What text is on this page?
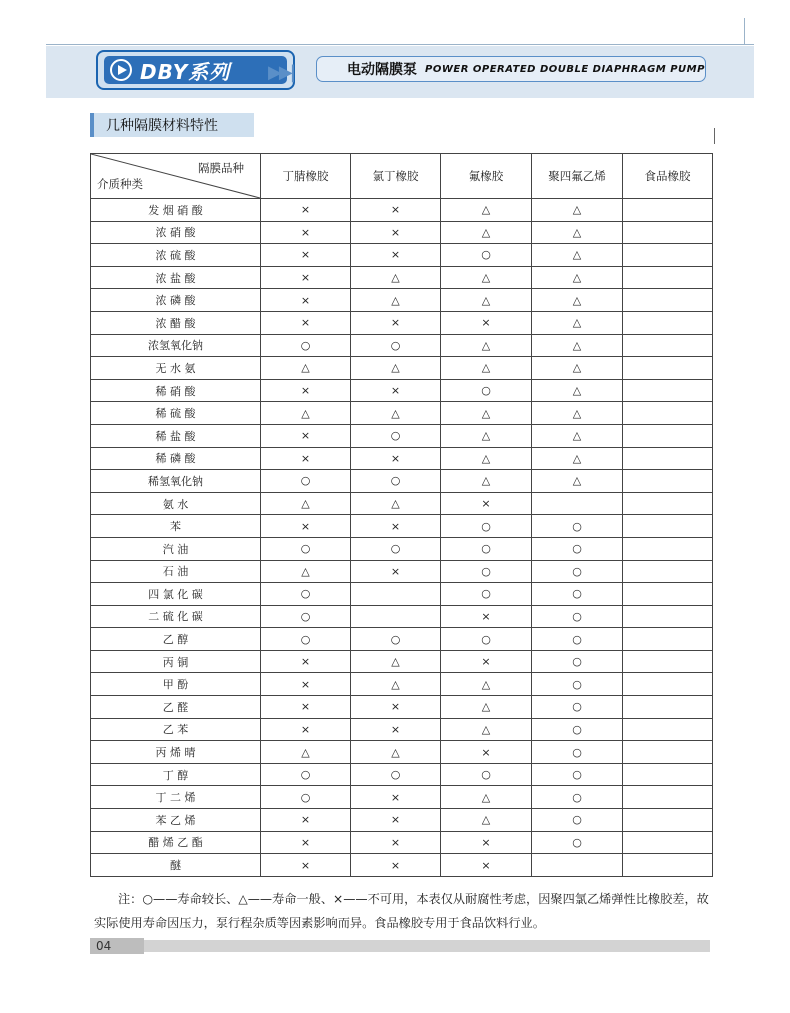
DBY系列 ▶▶|	电动隔膜泵 POWER OPERATED DOUBLE DIAPHRAGM PUMP
几种隔膜材料特性
隔膜品种
介质种类	丁腈橡胶	氯丁橡胶	氟橡胶	聚四氟乙烯	食品橡胶
发 烟 硝 酸	×	×	△	△	
浓 硝 酸	×	×	△	△	
浓 硫 酸	×	×	○	△	
浓 盐 酸	×	△	△	△	
浓 磷 酸	×	△	△	△	
浓 醋 酸	×	×	×	△	
浓氢氧化钠	○	○	△	△	
无 水 氨	△	△	△	△	
稀 硝 酸	×	×	○	△	
稀 硫 酸	△	△	△	△	
稀 盐 酸	×	○	△	△	
稀 磷 酸	×	×	△	△	
稀氢氧化钠	○	○	△	△	
氨 水	△	△	×		
苯	×	×	○	○	
汽 油	○	○	○	○	
石 油	△	×	○	○	
四 氯 化 碳	○		○	○	
二 硫 化 碳	○		×	○	
乙 醇	○	○	○	○	
丙 铜	×	△	×	○	
甲 酚	×	△	△	○	
乙 醛	×	×	△	○	
乙 苯	×	×	△	○	
丙 烯 晴	△	△	×	○	
丁 醇	○	○	○	○	
丁 二 烯	○	×	△	○	
苯 乙 烯	×	×	△	○	
醋 烯 乙 酯	×	×	×	○	
醚	×	×	×		
注：○——寿命较长、△——寿命一般、×——不可用，本表仅从耐腐性考虑，因聚四氯乙烯弹性比橡胶差，故实际使用寿命因压力，泵行程杂质等因素影响而异。食品橡胶专用于食品饮料行业。
04
